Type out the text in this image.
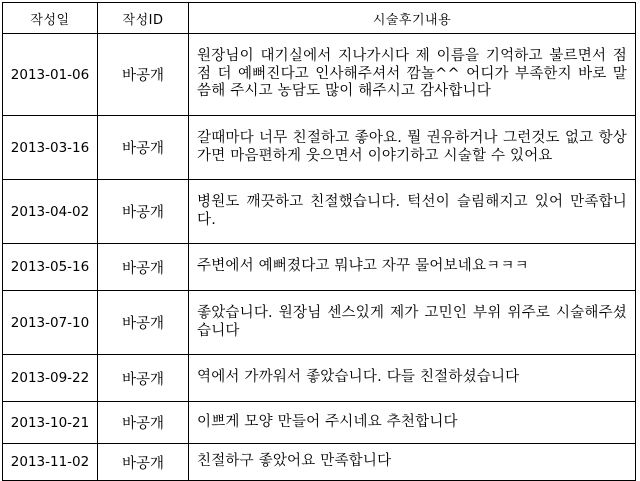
작성일	작성ID	시술후기내용
2013-01-06	바공개	원장님이 대기실에서 지나가시다 제 이름을 기억하고 불르면서 점점 더 예뻐진다고 인사해주셔서 깜놀^^ 어디가 부족한지 바로 말씀해 주시고 농담도 많이 해주시고 감사합니다
2013-03-16	바공개	갈때마다 너무 친절하고 좋아요. 뭘 권유하거나 그런것도 없고 항상 가면 마음편하게 웃으면서 이야기하고 시술할 수 있어요
2013-04-02	바공개	병원도 깨끗하고 친절했습니다. 턱선이 슬림해지고 있어 만족합니다.
2013-05-16	바공개	주변에서 예뻐졌다고 뭐냐고 자꾸 물어보네요ㅋㅋㅋ
2013-07-10	바공개	좋았습니다. 원장님 센스있게 제가 고민인 부위 위주로 시술해주셨습니다
2013-09-22	바공개	역에서 가까워서 좋았습니다. 다들 친절하셨습니다
2013-10-21	바공개	이쁘게 모양 만들어 주시네요 추천합니다
2013-11-02	바공개	친절하구 좋았어요 만족합니다
